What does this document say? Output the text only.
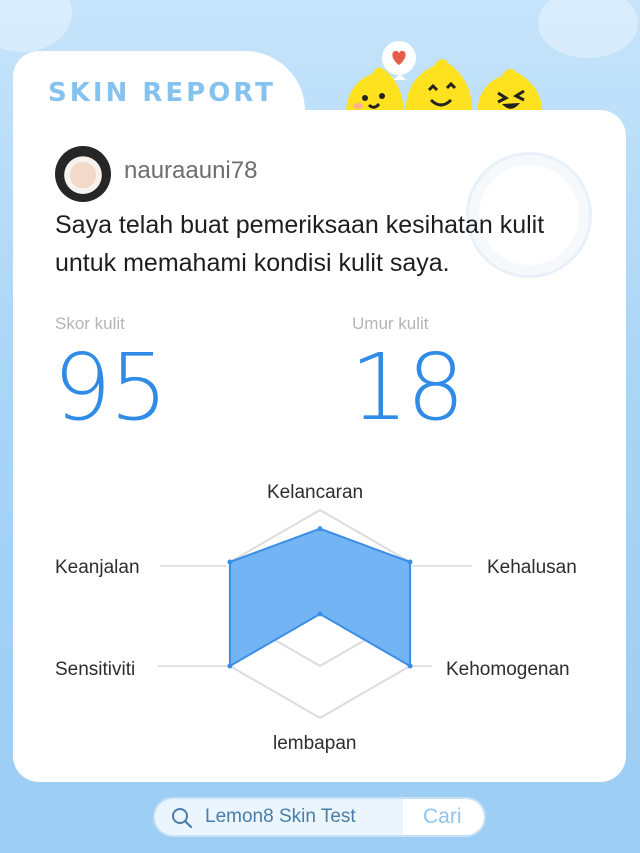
SKIN REPORT
nauraauni78
Saya telah buat pemeriksaan kesihatan kulit untuk memahami kondisi kulit saya.
Skor kulit
95
Umur kulit
18
Kelancaran
Kehalusan
Kehomogenan
lembapan
Sensitiviti
Keanjalan
Lemon8 Skin Test	Cari
